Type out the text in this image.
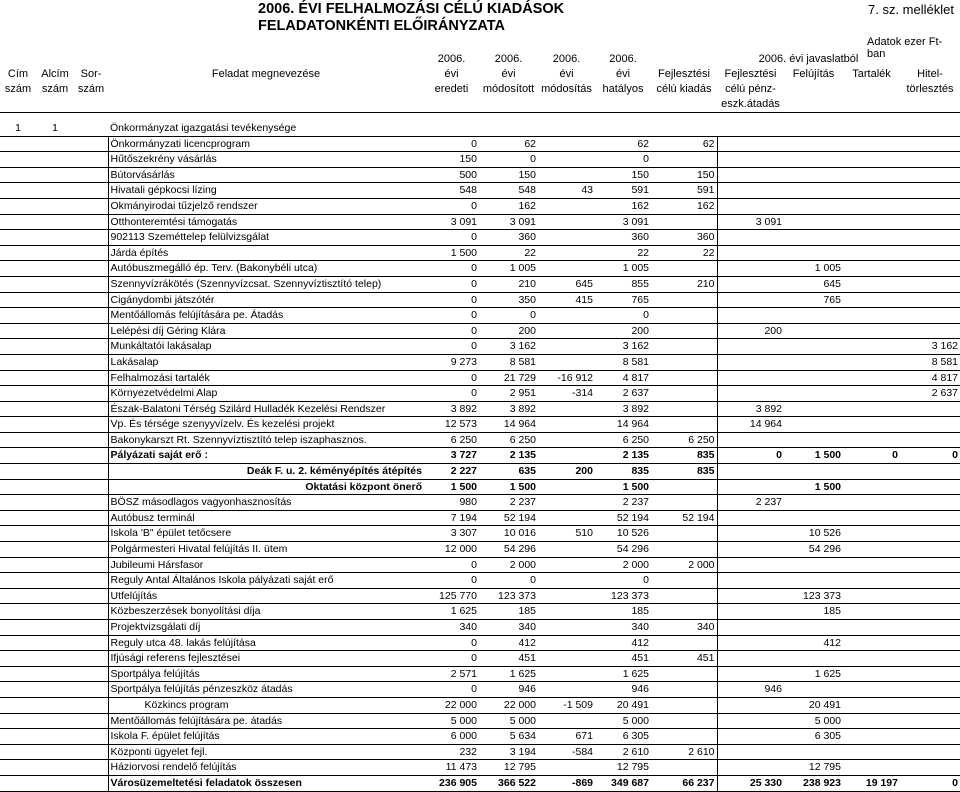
2006. ÉVI FELHALMOZÁSI CÉLÚ KIADÁSOK
FELADATONKÉNTI ELŐIRÁNYZATA
7. sz. melléklet
Adatok ezer Ft-ban
				2006.	2006.	2006.	2006.		2006. évi javaslatból			
Cím	Alcím	Sor-	Feladat megnevezése	évi	évi	évi	évi	Fejlesztési	Fejlesztési	Felújítás	Tartalék	Hitel-
szám	szám	szám		eredeti	módosított	módosítás	hatályos	célú kiadás	célú pénz-			törlesztés
									eszk.átadás			

1	1		Önkormányzat igazgatási tevékenysége									
			Önkormányzati licencprogram	0	62		62	62				
			Hűtőszekrény vásárlás	150	0		0					
			Bútorvásárlás	500	150		150	150				
			Hivatali gépkocsi lízing	548	548	43	591	591				
			Okmányirodai tűzjelző rendszer	0	162		162	162				
			Otthonteremtési támogatás	3 091	3 091		3 091		3 091			
			902113 Szeméttelep felülvizsgálat	0	360		360	360				
			Járda építés	1 500	22		22	22				
			Autóbuszmegálló ép. Terv. (Bakonybéli utca)	0	1 005		1 005			1 005		
			Szennyvízrákötés (Szennyvízcsat. Szennyvíztisztító telep)	0	210	645	855	210		645		
			Cigánydombi játszótér	0	350	415	765			765		
			Mentőállomás felújítására pe. Átadás	0	0		0					
			Lelépési díj Géring Klára	0	200		200		200			
			Munkáltatói lakásalap	0	3 162		3 162					3 162
			Lakásalap	9 273	8 581		8 581					8 581
			Felhalmozási tartalék	0	21 729	-16 912	4 817					4 817
			Környezetvédelmi Alap	0	2 951	-314	2 637					2 637
			Észak-Balatoni Térség Szilárd Hulladék Kezelési Rendszer	3 892	3 892		3 892		3 892			
			Vp. És térsége szenyyvízelv. És kezelési projekt	12 573	14 964		14 964		14 964			
			Bakonykarszt Rt. Szennyvíztisztító telep iszaphasznos.	6 250	6 250		6 250	6 250				
			Pályázati saját erő :	3 727	2 135		2 135	835	0	1 500	0	0
			Deák F. u. 2. kéményépítés átépítés	2 227	635	200	835	835				
			Oktatási központ önerő	1 500	1 500		1 500			1 500		
			BÖSZ másodlagos vagyonhasznosítás	980	2 237		2 237		2 237			
			Autóbusz terminál	7 194	52 194		52 194	52 194				
			Iskola 'B" épület tetőcsere	3 307	10 016	510	10 526			10 526		
			Polgármesteri Hivatal felújítás II. ütem	12 000	54 296		54 296			54 296		
			Jubileumi Hársfasor	0	2 000		2 000	2 000				
			Reguly Antal Általános Iskola pályázati saját erő	0	0		0					
			Utfelújítás	125 770	123 373		123 373			123 373		
			Közbeszerzések bonyolítási díja	1 625	185		185			185		
			Projektvizsgálati díj	340	340		340	340				
			Reguly utca 48. lakás felújítása	0	412		412			412		
			Ifjúsági referens fejlesztései	0	451		451	451				
			Sportpálya felújítás	2 571	1 625		1 625			1 625		
			Sportpálya felújítás pénzeszköz átadás	0	946		946		946			
			Közkincs program	22 000	22 000	-1 509	20 491			20 491		
			Mentőállomás felújítására pe. átadás	5 000	5 000		5 000			5 000		
			Iskola F. épület felújítás	6 000	5 634	671	6 305			6 305		
			Központi ügyelet fejl.	232	3 194	-584	2 610	2 610				
			Háziorvosi rendelő felújítás	11 473	12 795		12 795			12 795		
			Városüzemeltetési feladatok összesen	236 905	366 522	-869	349 687	66 237	25 330	238 923	19 197	0
